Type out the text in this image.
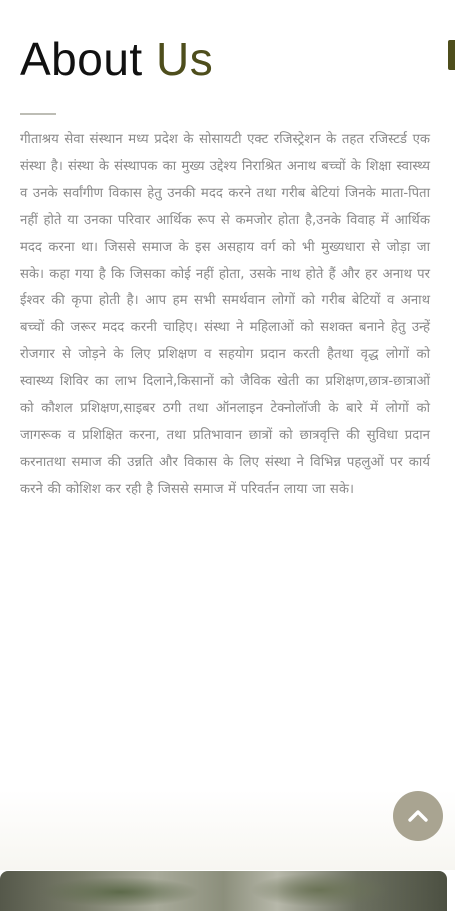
About Us

गीताश्रय सेवा संस्थान मध्य प्रदेश के सोसायटी एक्ट रजिस्ट्रेशन के तहत रजिस्टर्ड एक संस्था है। संस्था के संस्थापक का मुख्य उद्देश्य निराश्रित अनाथ बच्चों के शिक्षा स्वास्थ्य व उनके सर्वांगीण विकास हेतु उनकी मदद करने तथा गरीब बेटियां जिनके माता-पिता नहीं होते या उनका परिवार आर्थिक रूप से कमजोर होता है,उनके विवाह में आर्थिक मदद करना था। जिससे समाज के इस असहाय वर्ग को भी मुख्यधारा से जोड़ा जा सके। कहा गया है कि जिसका कोई नहीं होता, उसके नाथ होते हैं और हर अनाथ पर ईश्वर की कृपा होती है। आप हम सभी समर्थवान लोगों को गरीब बेटियों व अनाथ बच्चों की जरूर मदद करनी चाहिए। संस्था ने महिलाओं को सशक्त बनाने हेतु उन्हें रोजगार से जोड़ने के लिए प्रशिक्षण व सहयोग प्रदान करती हैतथा वृद्ध लोगों को स्वास्थ्य शिविर का लाभ दिलाने,किसानों को जैविक खेती का प्रशिक्षण,छात्र-छात्राओं को कौशल प्रशिक्षण,साइबर ठगी तथा ऑनलाइन टेक्नोलॉजी के बारे में लोगों को जागरूक व प्रशिक्षित करना, तथा प्रतिभावान छात्रों को छात्रवृत्ति की सुविधा प्रदान करनातथा समाज की उन्नति और विकास के लिए संस्था ने विभिन्न पहलुओं पर कार्य करने की कोशिश कर रही है जिससे समाज में परिवर्तन लाया जा सके।
